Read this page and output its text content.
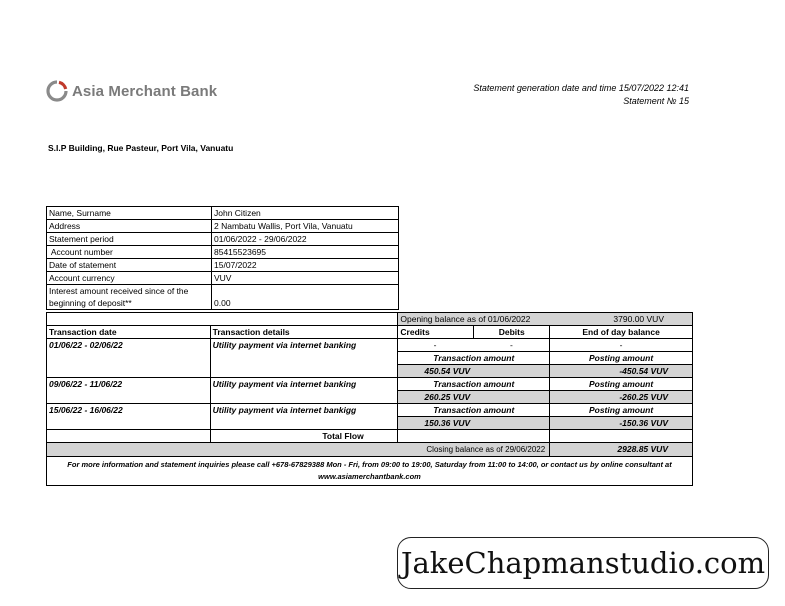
Asia Merchant Bank	Statement generation date and time 15/07/2022 12:41
Statement № 15
S.I.P Building, Rue Pasteur, Port Vila, Vanuatu
Name, Surname	John Citizen
Address	2 Nambatu Wallis, Port Vila, Vanuatu
Statement period	01/06/2022 - 29/06/2022
Account number	85415523695
Date of statement	15/07/2022
Account currency	VUV
Interest amount received since of the beginning of deposit**	0.00

		Opening balance as of 01/06/2022 3790.00 VUV		

Transaction date	Transaction details	Credits	Debits	End of day balance
01/06/22 - 02/06/22	Utility payment via internet banking	-	-	-
		Transaction amount		Posting amount
		450.54 VUV		-450.54 VUV
09/06/22 - 11/06/22	Utility payment via internet banking	Transaction amount		Posting amount
		260.25 VUV		-260.25 VUV
15/06/22 - 16/06/22	Utility payment via internet bankigg	Transaction amount		Posting amount
		150.36 VUV		-150.36 VUV
	Total Flow			
Closing balance as of 29/06/2022				2928.85 VUV
For more information and statement inquiries please call +678-67829388 Mon - Fri, from 09:00 to 19:00, Saturday from 11:00 to 14:00, or contact us by online consultant at www.asiamerchantbank.com				
JakeChapmanstudio.com
